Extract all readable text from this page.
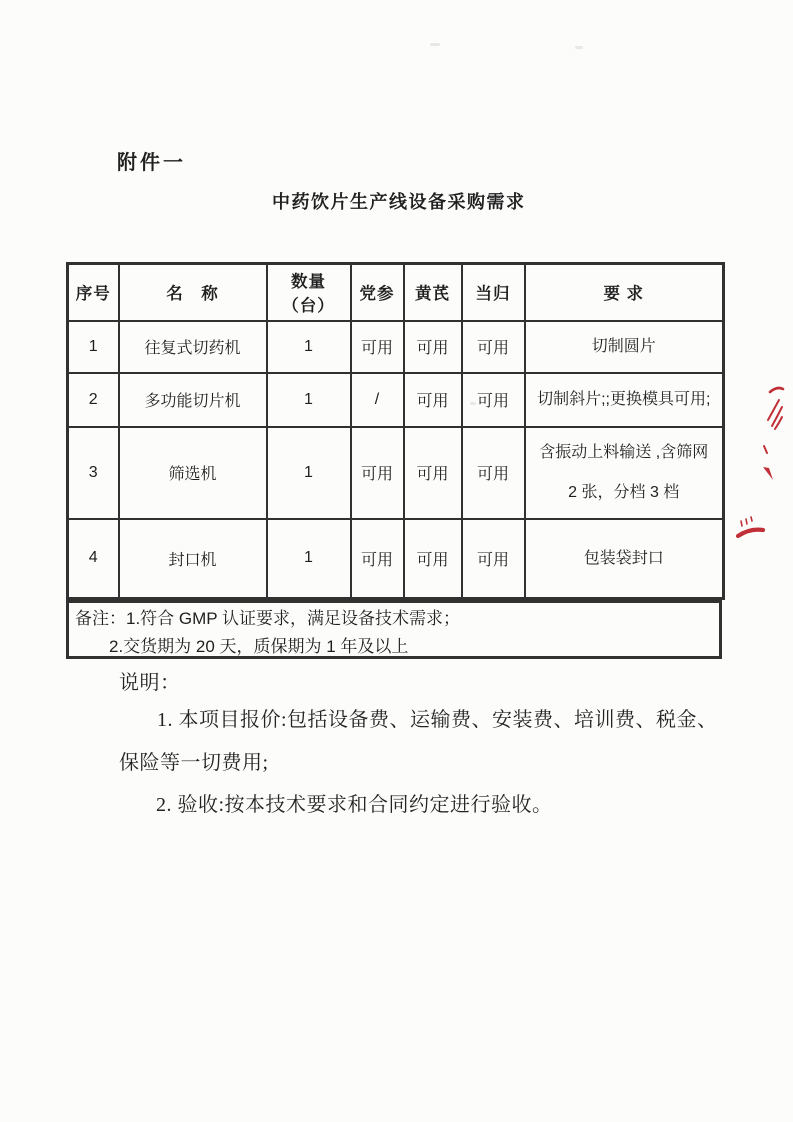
附件一
中药饮片生产线设备采购需求
序号	名　称	数量（台）	党参	黄芪	当归	要 求
1	往复式切药机	1	可用	可用	可用	切制圆片
2	多功能切片机	1	/	可用	可用	切制斜片;;更换模具可用;
3	筛选机	1	可用	可用	可用	含振动上料输送 ,含筛网 2 张，分档 3 档
4	封口机	1	可用	可用	可用	包装袋封口
备注：1.符合 GMP 认证要求，满足设备技术需求；
2.交货期为 20 天，质保期为 1 年及以上
说明：
1. 本项目报价:包括设备费、运输费、安装费、培训费、税金、
保险等一切费用;
2. 验收:按本技术要求和合同约定进行验收。
